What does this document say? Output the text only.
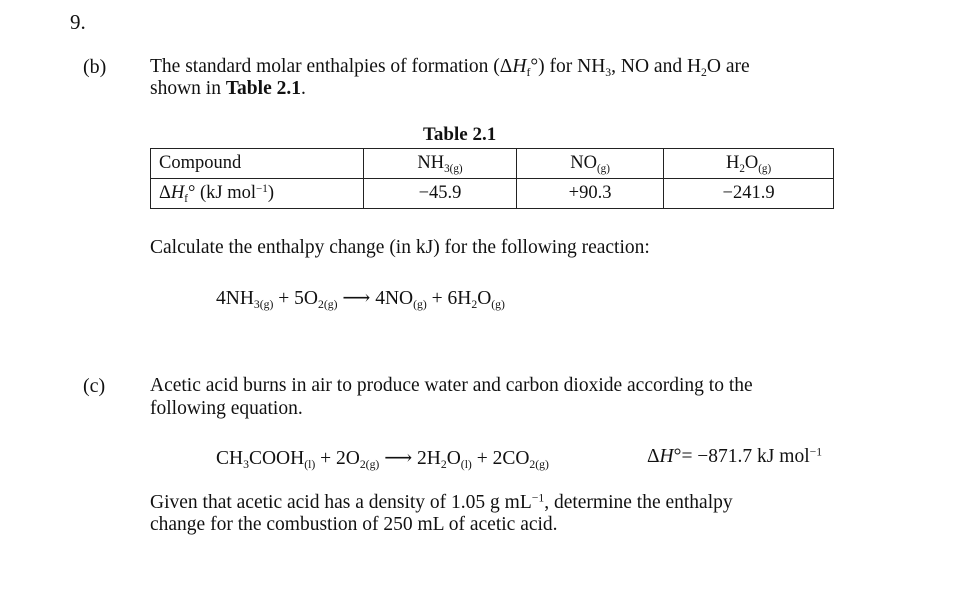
9.
(b) The standard molar enthalpies of formation $(\Delta H_f^\circ)$ for $NH_3$, NO and $H_2O$ are
shown in Table 2.1.
Table 2.1
Compound	$NH_{3(g)}$	$NO_{(g)}$	$H_2O_{(g)}$
$\Delta H_f^\circ$ (kJ mol$^{-1}$)	−45.9	+90.3	−241.9
Calculate the enthalpy change (in kJ) for the following reaction:
$4NH_{3(g)} + 5O_{2(g)}$ ⟶ $4NO_{(g)} + 6H_2O_{(g)}$
(c) Acetic acid burns in air to produce water and carbon dioxide according to the
following equation.
$CH_3COOH_{(l)} + 2O_{2(g)}$ ⟶ $2H_2O_{(l)} + 2CO_{2(g)}$	ΔH°= −871.7 kJ mol$^{-1}$
Given that acetic acid has a density of 1.05 g $mL^{-1}$, determine the enthalpy
change for the combustion of 250 mL of acetic acid.
